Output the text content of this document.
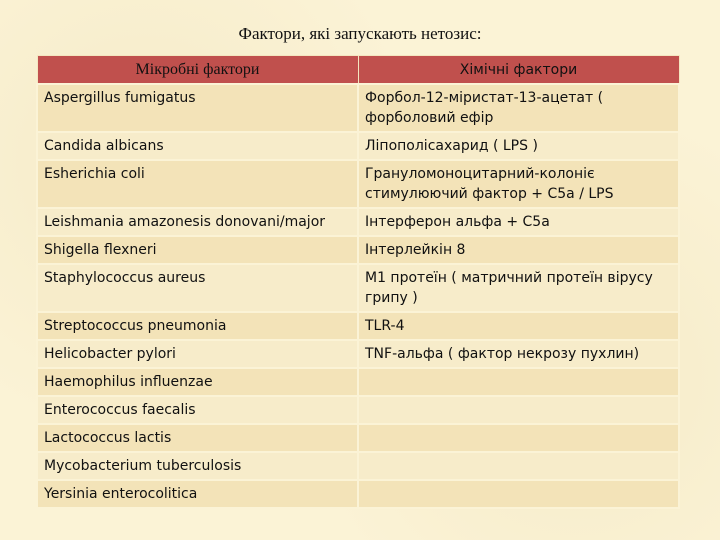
Фактори, які запускають нетозис:
Мікробні фактори	Хімічні фактори
Aspergillus fumigatus	Форбол-12-міристат-13-ацетат ( форболовий ефір
Candida albicans	Ліпополісахарид ( LPS )
Esherichia coli	Грануломоноцитарний-колоніє стимулюючий фактор + C5a / LPS
Leishmania amazonesis donovani/major	Інтерферон альфа + C5a
Shigella flexneri	Інтерлейкін 8
Staphylococcus aureus	М1 протеїн ( матричний протеїн вірусу грипу )
Streptococcus pneumonia	TLR-4
Helicobacter pylori	TNF-альфа ( фактор некрозу пухлин)
Haemophilus influenzae	
Enterococcus faecalis	
Lactococcus lactis	
Mycobacterium tuberculosis	
Yersinia enterocolitica	
